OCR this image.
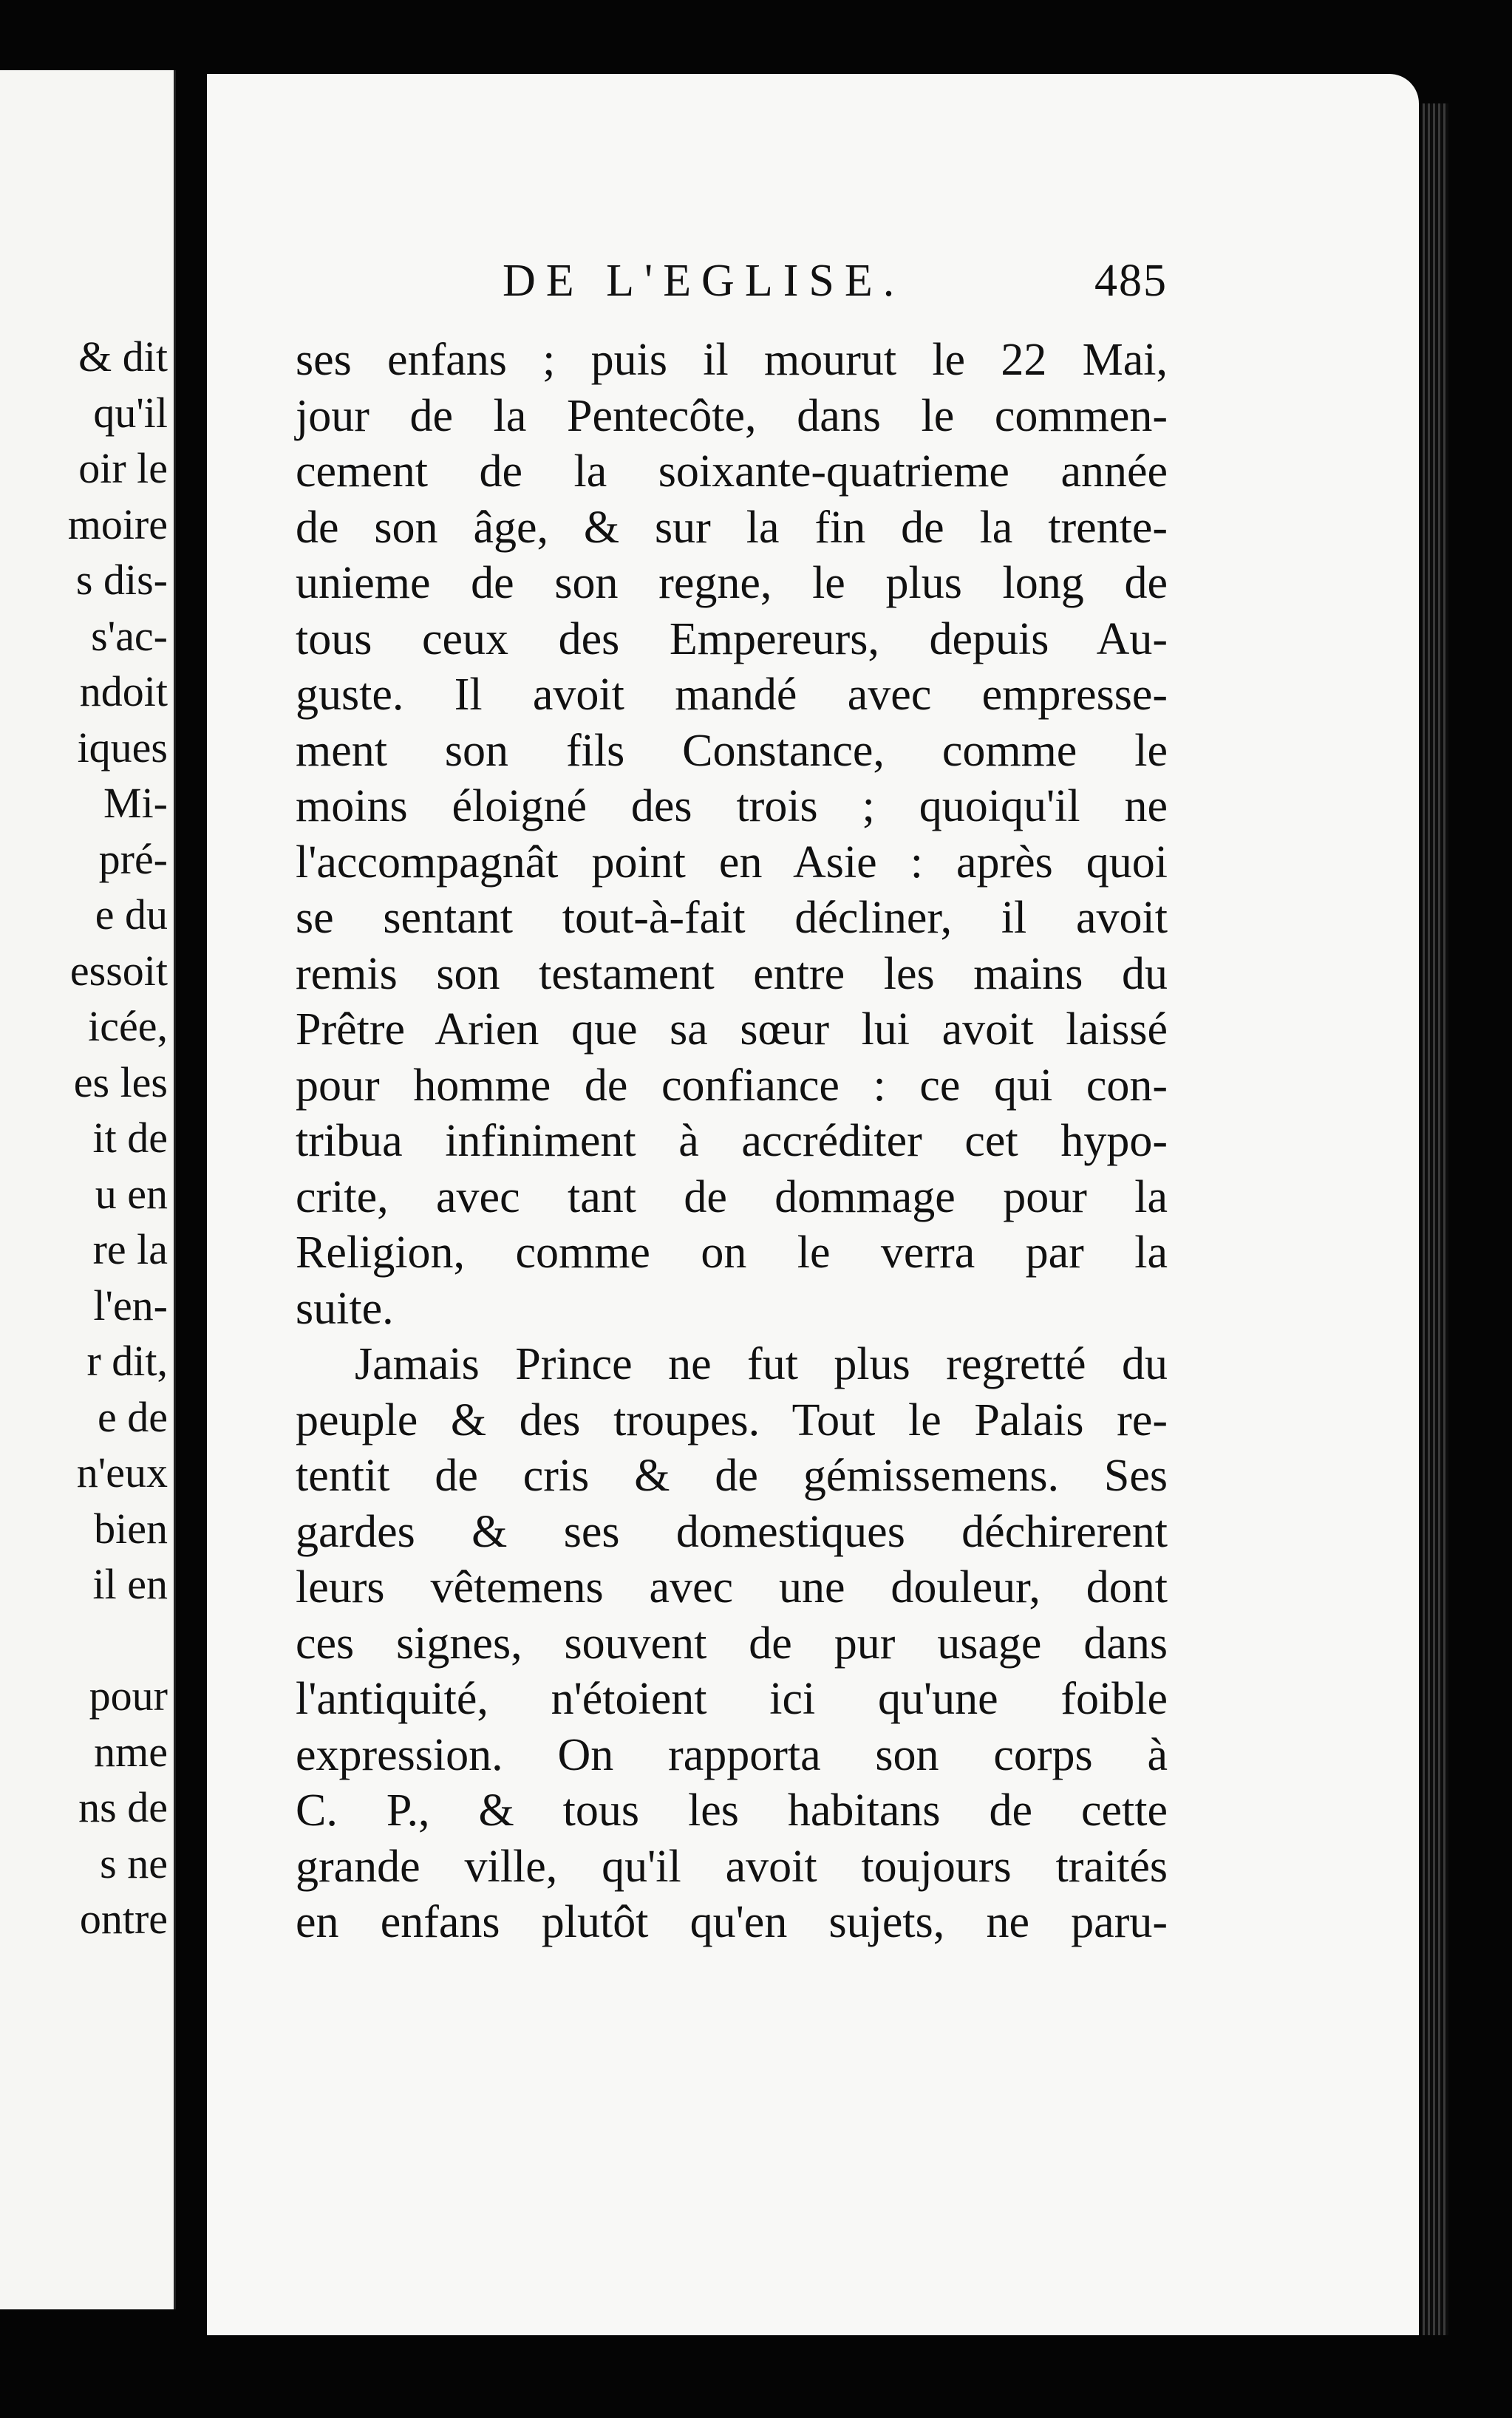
& dit
qu'il
oir le
moire
s dis-
s'ac-
ndoit
iques
Mi-
pré-
e du
essoit
icée,
es les
it de
u en
re la
l'en-
r dit,
e de
n'eux
bien
il en

pour
nme
ns de
s ne
ontre
DE L'EGLISE.	485
ses enfans ; puis il mourut le 22 Mai,
jour de la Pentecôte, dans le commen-
cement de la soixante-quatrieme année
de son âge, & sur la fin de la trente-
unieme de son regne, le plus long de
tous ceux des Empereurs, depuis Au-
guste. Il avoit mandé avec empresse-
ment son fils Constance, comme le
moins éloigné des trois ; quoiqu'il ne
l'accompagnât point en Asie : après quoi
se sentant tout-à-fait décliner, il avoit
remis son testament entre les mains du
Prêtre Arien que sa sœur lui avoit laissé
pour homme de confiance : ce qui con-
tribua infiniment à accréditer cet hypo-
crite, avec tant de dommage pour la
Religion, comme on le verra par la
suite.
Jamais Prince ne fut plus regretté du
peuple & des troupes. Tout le Palais re-
tentit de cris & de gémissemens. Ses
gardes & ses domestiques déchirerent
leurs vêtemens avec une douleur, dont
ces signes, souvent de pur usage dans
l'antiquité, n'étoient ici qu'une foible
expression. On rapporta son corps à
C. P., & tous les habitans de cette
grande ville, qu'il avoit toujours traités
en enfans plutôt qu'en sujets, ne paru-
